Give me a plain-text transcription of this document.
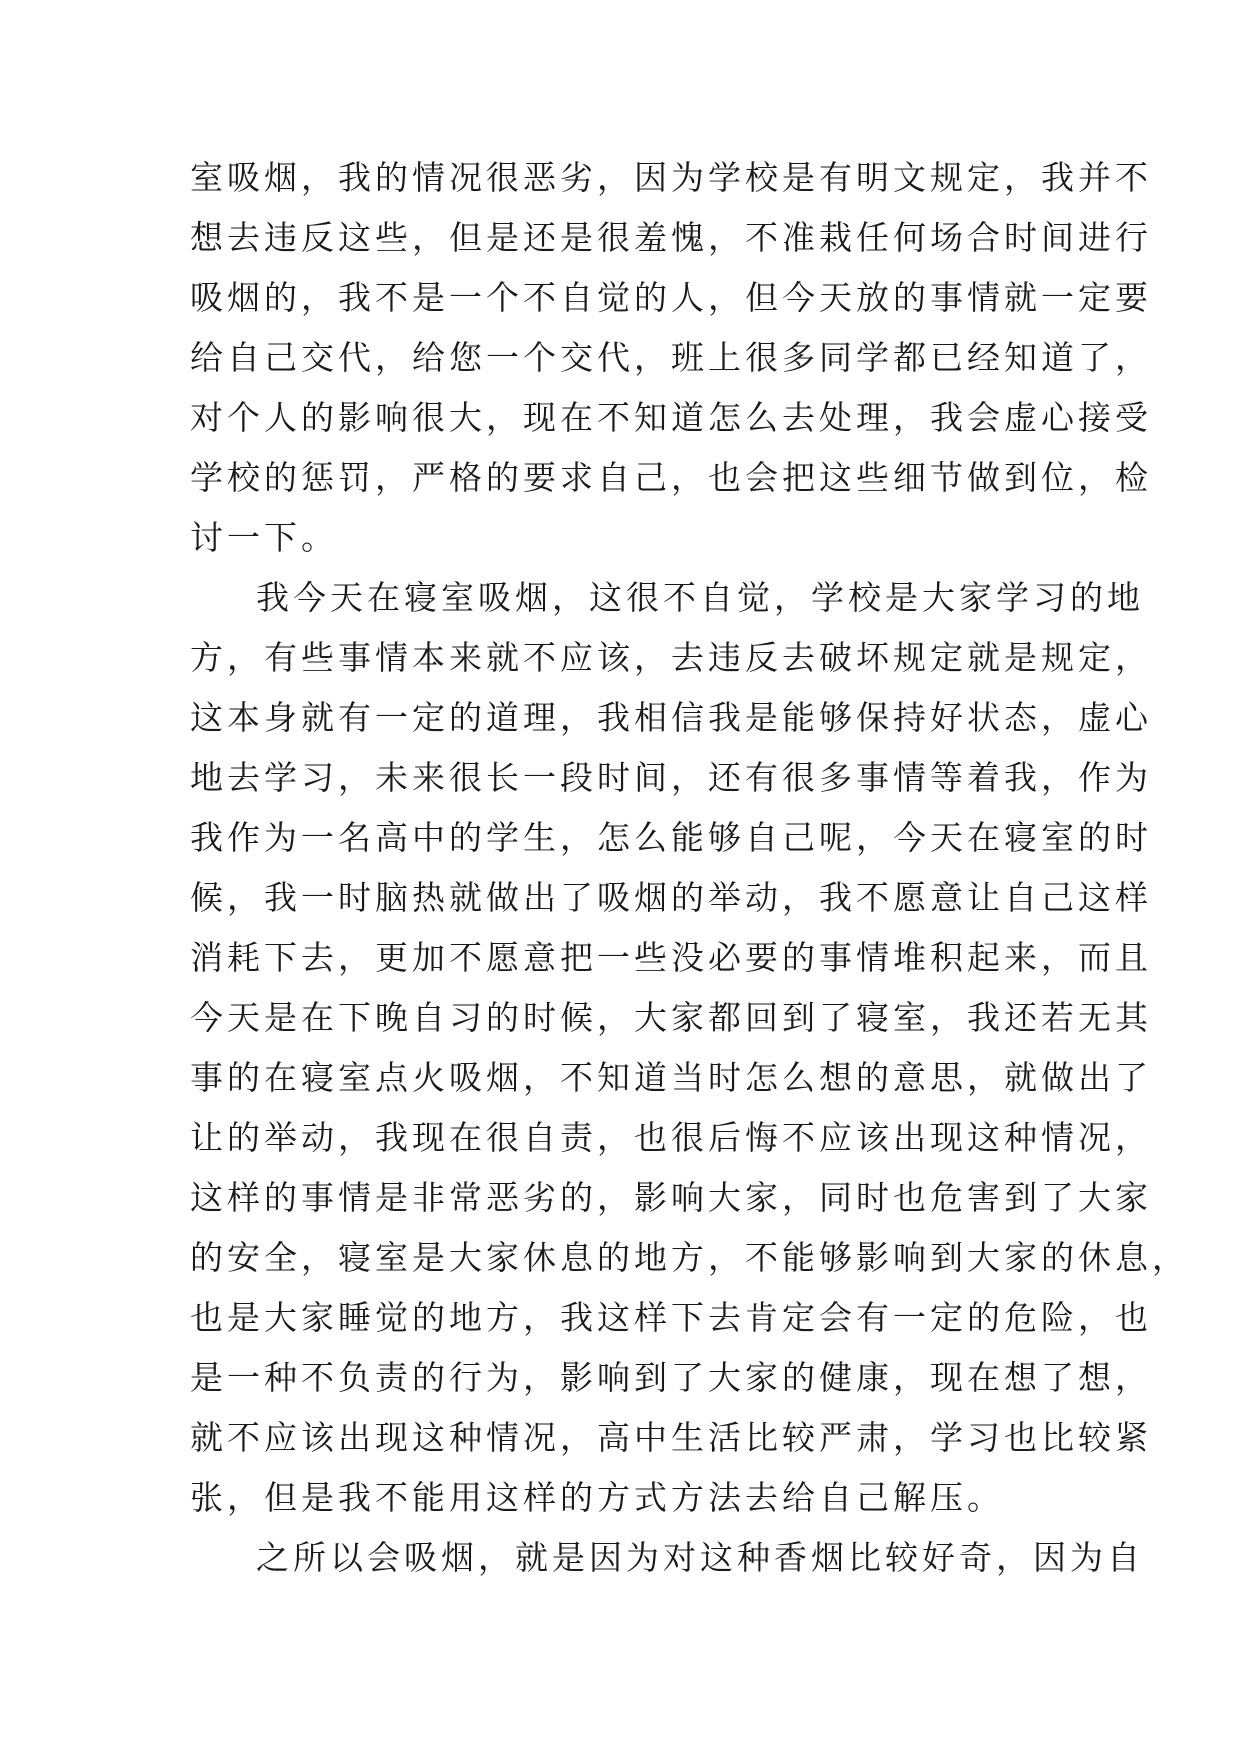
室吸烟，我的情况很恶劣，因为学校是有明文规定，我并不
想去违反这些，但是还是很羞愧，不准栽任何场合时间进行
吸烟的，我不是一个不自觉的人，但今天放的事情就一定要
给自己交代，给您一个交代，班上很多同学都已经知道了，
对个人的影响很大，现在不知道怎么去处理，我会虚心接受
学校的惩罚，严格的要求自己，也会把这些细节做到位，检
讨一下。
我今天在寝室吸烟，这很不自觉，学校是大家学习的地
方，有些事情本来就不应该，去违反去破坏规定就是规定，
这本身就有一定的道理，我相信我是能够保持好状态，虚心
地去学习，未来很长一段时间，还有很多事情等着我，作为
我作为一名高中的学生，怎么能够自己呢，今天在寝室的时
候，我一时脑热就做出了吸烟的举动，我不愿意让自己这样
消耗下去，更加不愿意把一些没必要的事情堆积起来，而且
今天是在下晚自习的时候，大家都回到了寝室，我还若无其
事的在寝室点火吸烟，不知道当时怎么想的意思，就做出了
让的举动，我现在很自责，也很后悔不应该出现这种情况，
这样的事情是非常恶劣的，影响大家，同时也危害到了大家
的安全，寝室是大家休息的地方，不能够影响到大家的休息，
也是大家睡觉的地方，我这样下去肯定会有一定的危险，也
是一种不负责的行为，影响到了大家的健康，现在想了想，
就不应该出现这种情况，高中生活比较严肃，学习也比较紧
张，但是我不能用这样的方式方法去给自己解压。
之所以会吸烟，就是因为对这种香烟比较好奇，因为自
